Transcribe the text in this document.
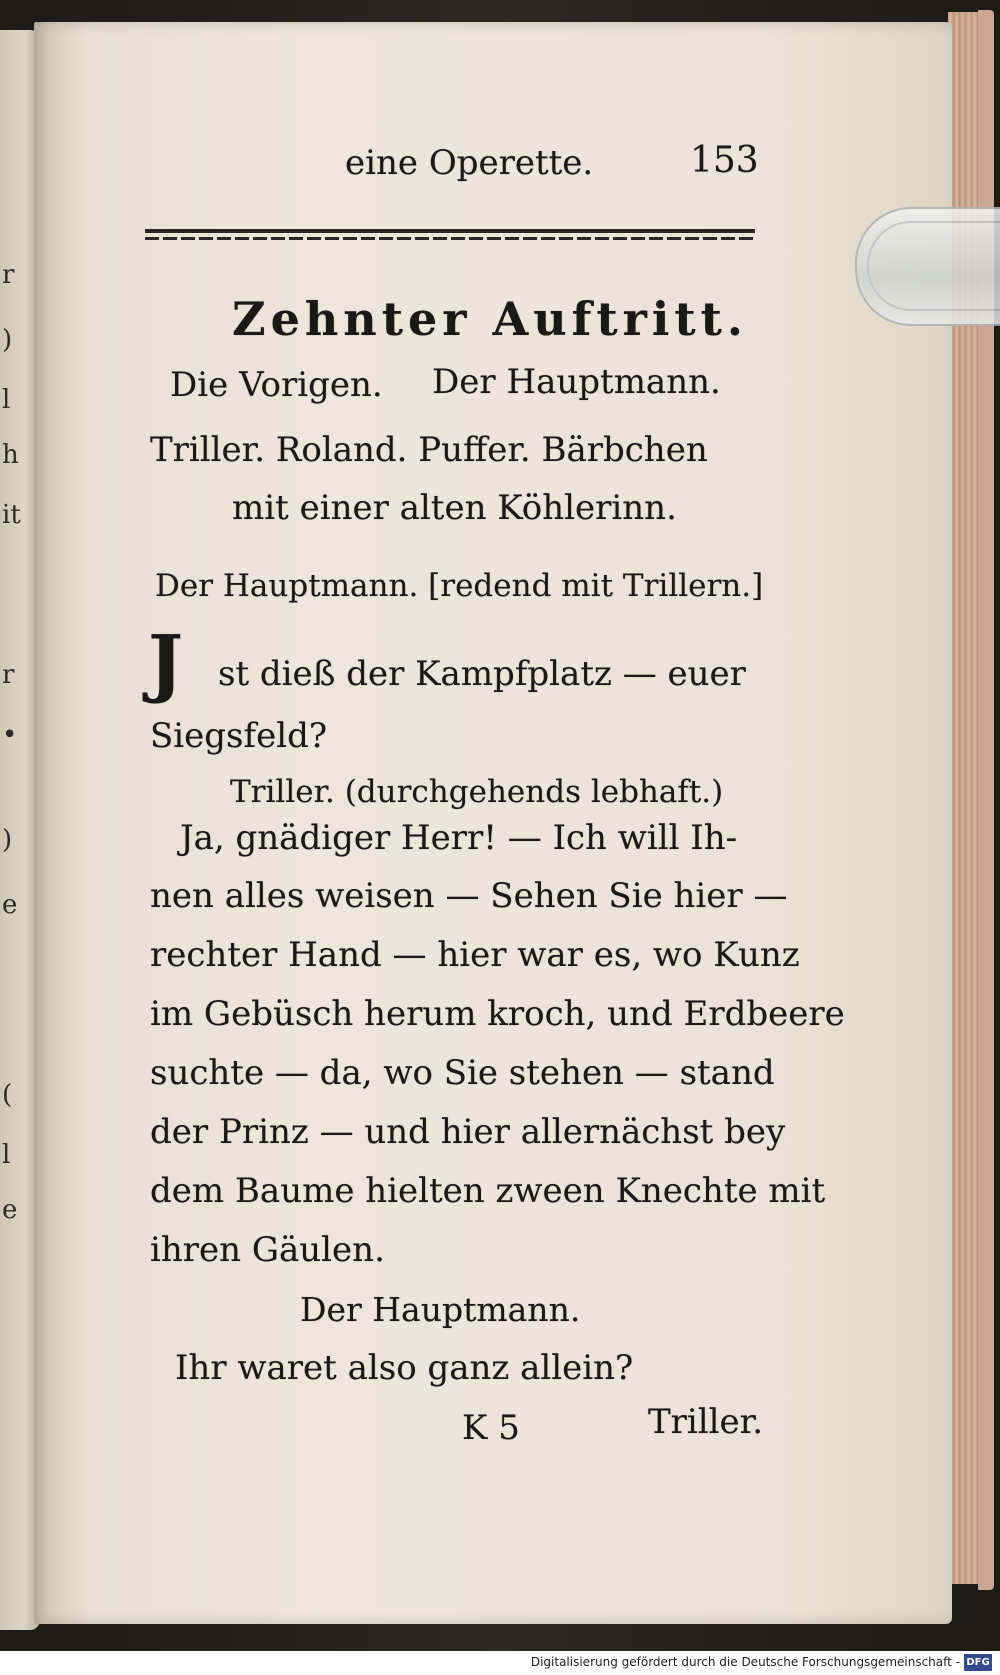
r
)
l
h
it
r
•
)
e
(
l
e
eine Operette.	153
Zehnter Auftritt.
Die Vorigen. Der Hauptmann.
Triller. Roland. Puffer. Bärbchen
mit einer alten Köhlerinn.
Der Hauptmann. [redend mit Trillern.]
J st dieß der Kampfplatz — euer
Siegsfeld?
Triller. (durchgehends lebhaft.)
Ja, gnädiger Herr! — Ich will Ih-
nen alles weisen — Sehen Sie hier —
rechter Hand — hier war es, wo Kunz
im Gebüsch herum kroch, und Erdbeere
suchte — da, wo Sie stehen — stand
der Prinz — und hier allernächst bey
dem Baume hielten zween Knechte mit
ihren Gäulen.
Der Hauptmann.
Ihr waret also ganz allein?
K 5	Triller.
Digitalisierung gefördert durch die Deutsche Forschungsgemeinschaft - DFG
